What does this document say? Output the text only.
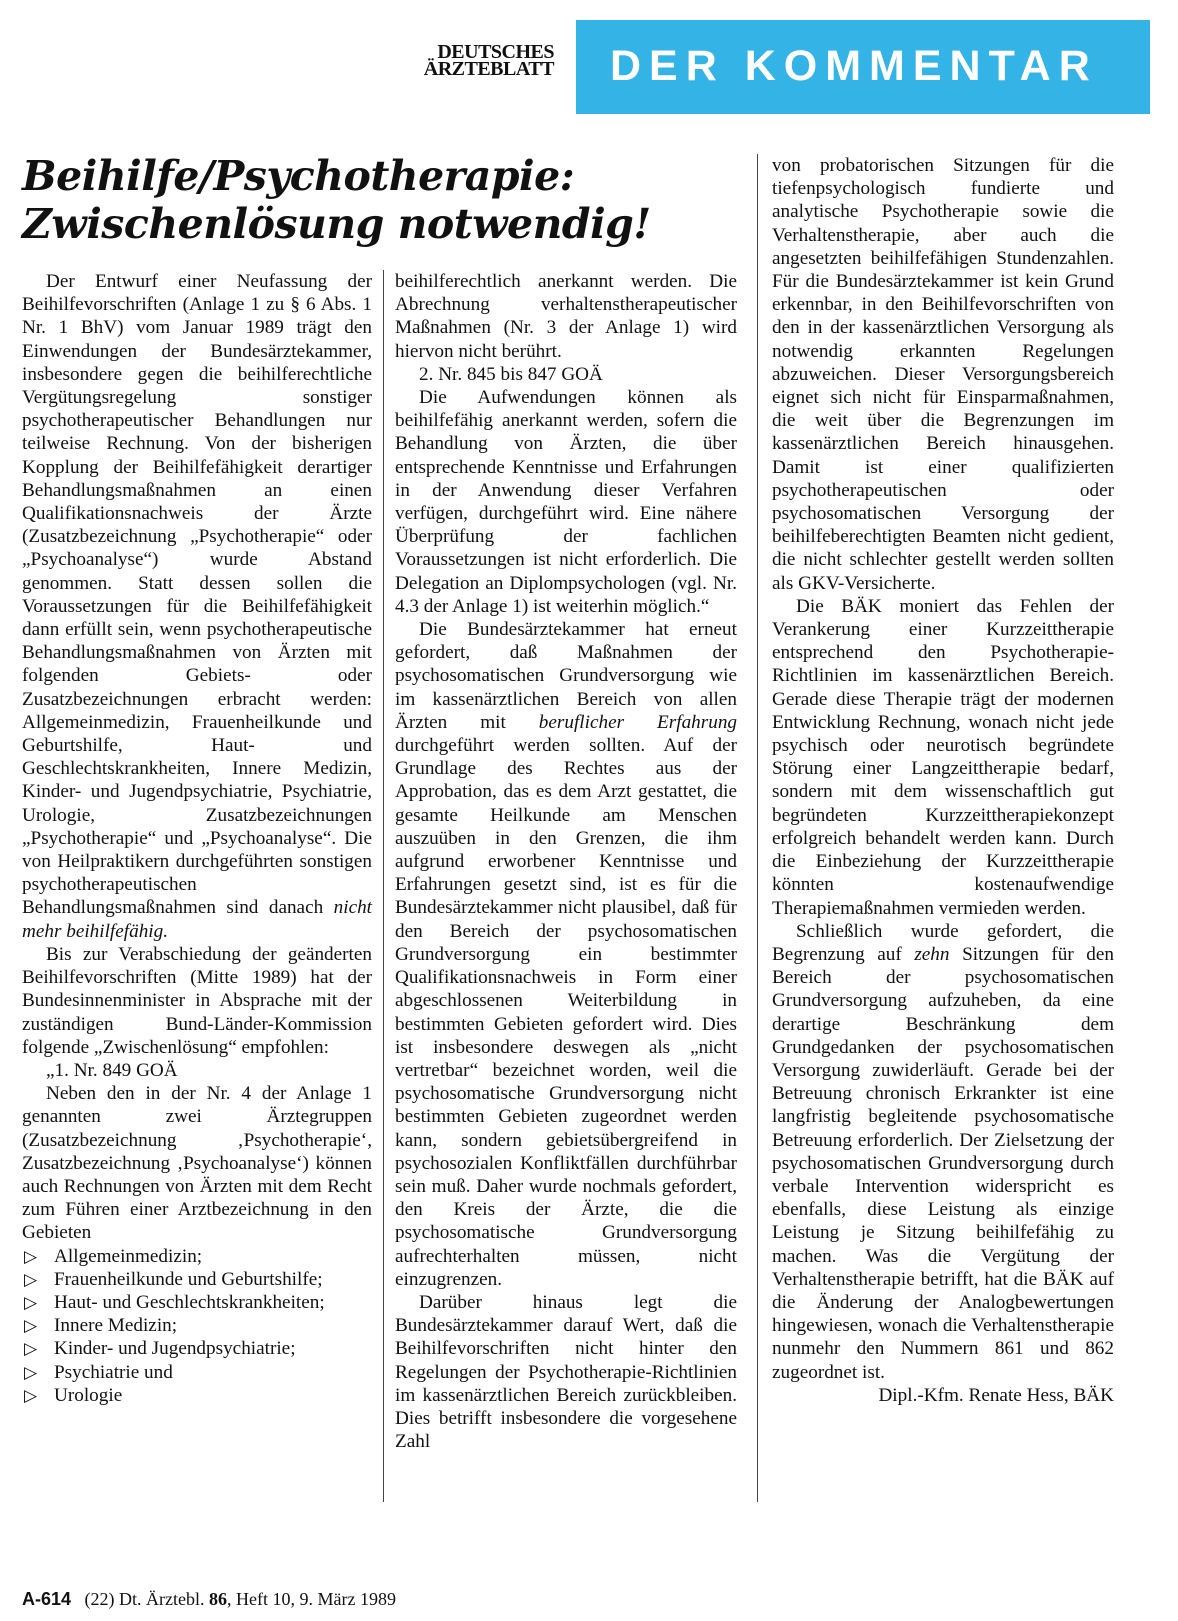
DEUTSCHES
ÄRZTEBLATT DER KOMMENTAR
Beihilfe/Psychotherapie:
Zwischenlösung notwendig!

Der Entwurf einer Neufassung der Beihilfevorschriften (Anlage 1 zu § 6 Abs. 1 Nr. 1 BhV) vom Januar 1989 trägt den Einwendungen der Bundesärztekammer, insbesondere gegen die beihilferechtliche Vergütungsregelung sonstiger psychotherapeutischer Behandlungen nur teilweise Rechnung. Von der bisherigen Kopplung der Beihilfefähigkeit derartiger Behandlungsmaßnahmen an einen Qualifikationsnachweis der Ärzte (Zusatzbezeichnung „Psychotherapie“ oder „Psychoanalyse“) wurde Abstand genommen. Statt dessen sollen die Voraussetzungen für die Beihilfefähigkeit dann erfüllt sein, wenn psychotherapeutische Behandlungsmaßnahmen von Ärzten mit folgenden Gebiets- oder Zusatzbezeichnungen erbracht werden: Allgemeinmedizin, Frauenheilkunde und Geburtshilfe, Haut- und Geschlechtskrankheiten, Innere Medizin, Kinder- und Jugendpsychiatrie, Psychiatrie, Urologie, Zusatzbezeichnungen „Psychotherapie“ und „Psychoanalyse“. Die von Heilpraktikern durchgeführten sonstigen psychotherapeutischen Behandlungsmaßnahmen sind danach nicht mehr beihilfefähig.

Bis zur Verabschiedung der geänderten Beihilfevorschriften (Mitte 1989) hat der Bundesinnenminister in Absprache mit der zuständigen Bund-Länder-Kommission folgende „Zwischenlösung“ empfohlen:

„1. Nr. 849 GOÄ

Neben den in der Nr. 4 der Anlage 1 genannten zwei Ärztegruppen (Zusatzbezeichnung ‚Psychotherapie‘, Zusatzbezeichnung ‚Psychoanalyse‘) können auch Rechnungen von Ärzten mit dem Recht zum Führen einer Arztbezeichnung in den Gebieten

▷ Allgemeinmedizin;
▷ Frauenheilkunde und Geburtshilfe;
▷ Haut- und Geschlechtskrankheiten;
▷ Innere Medizin;
▷ Kinder- und Jugendpsychiatrie;
▷ Psychiatrie und
▷ Urologie

beihilferechtlich anerkannt werden. Die Abrechnung verhaltenstherapeutischer Maßnahmen (Nr. 3 der Anlage 1) wird hiervon nicht berührt.

2. Nr. 845 bis 847 GOÄ

Die Aufwendungen können als beihilfefähig anerkannt werden, sofern die Behandlung von Ärzten, die über entsprechende Kenntnisse und Erfahrungen in der Anwendung dieser Verfahren verfügen, durchgeführt wird. Eine nähere Überprüfung der fachlichen Voraussetzungen ist nicht erforderlich. Die Delegation an Diplompsychologen (vgl. Nr. 4.3 der Anlage 1) ist weiterhin möglich.“

Die Bundesärztekammer hat erneut gefordert, daß Maßnahmen der psychosomatischen Grundversorgung wie im kassenärztlichen Bereich von allen Ärzten mit beruflicher Erfahrung durchgeführt werden sollten. Auf der Grundlage des Rechtes aus der Approbation, das es dem Arzt gestattet, die gesamte Heilkunde am Menschen auszuüben in den Grenzen, die ihm aufgrund erworbener Kenntnisse und Erfahrungen gesetzt sind, ist es für die Bundesärztekammer nicht plausibel, daß für den Bereich der psychosomatischen Grundversorgung ein bestimmter Qualifikationsnachweis in Form einer abgeschlossenen Weiterbildung in bestimmten Gebieten gefordert wird. Dies ist insbesondere deswegen als „nicht vertretbar“ bezeichnet worden, weil die psychosomatische Grundversorgung nicht bestimmten Gebieten zugeordnet werden kann, sondern gebietsübergreifend in psychosozialen Konfliktfällen durchführbar sein muß. Daher wurde nochmals gefordert, den Kreis der Ärzte, die die psychosomatische Grundversorgung aufrechterhalten müssen, nicht einzugrenzen.

Darüber hinaus legt die Bundesärztekammer darauf Wert, daß die Beihilfevorschriften nicht hinter den Regelungen der Psychotherapie-Richtlinien im kassenärztlichen Bereich zurückbleiben. Dies betrifft insbesondere die vorgesehene Zahl

von probatorischen Sitzungen für die tiefenpsychologisch fundierte und analytische Psychotherapie sowie die Verhaltenstherapie, aber auch die angesetzten beihilfefähigen Stundenzahlen. Für die Bundesärztekammer ist kein Grund erkennbar, in den Beihilfevorschriften von den in der kassenärztlichen Versorgung als notwendig erkannten Regelungen abzuweichen. Dieser Versorgungsbereich eignet sich nicht für Einsparmaßnahmen, die weit über die Begrenzungen im kassenärztlichen Bereich hinausgehen. Damit ist einer qualifizierten psychotherapeutischen oder psychosomatischen Versorgung der beihilfeberechtigten Beamten nicht gedient, die nicht schlechter gestellt werden sollten als GKV-Versicherte.

Die BÄK moniert das Fehlen der Verankerung einer Kurzzeittherapie entsprechend den Psychotherapie-Richtlinien im kassenärztlichen Bereich. Gerade diese Therapie trägt der modernen Entwicklung Rechnung, wonach nicht jede psychisch oder neurotisch begründete Störung einer Langzeittherapie bedarf, sondern mit dem wissenschaftlich gut begründeten Kurzzeittherapiekonzept erfolgreich behandelt werden kann. Durch die Einbeziehung der Kurzzeittherapie könnten kostenaufwendige Therapiemaßnahmen vermieden werden.

Schließlich wurde gefordert, die Begrenzung auf zehn Sitzungen für den Bereich der psychosomatischen Grundversorgung aufzuheben, da eine derartige Beschränkung dem Grundgedanken der psychosomatischen Versorgung zuwiderläuft. Gerade bei der Betreuung chronisch Erkrankter ist eine langfristig begleitende psychosomatische Betreuung erforderlich. Der Zielsetzung der psychosomatischen Grundversorgung durch verbale Intervention widerspricht es ebenfalls, diese Leistung als einzige Leistung je Sitzung beihilfefähig zu machen. Was die Vergütung der Verhaltenstherapie betrifft, hat die BÄK auf die Änderung der Analogbewertungen hingewiesen, wonach die Verhaltenstherapie nunmehr den Nummern 861 und 862 zugeordnet ist.

Dipl.-Kfm. Renate Hess, BÄK

A-614 (22) Dt. Ärztebl. 86, Heft 10, 9. März 1989
